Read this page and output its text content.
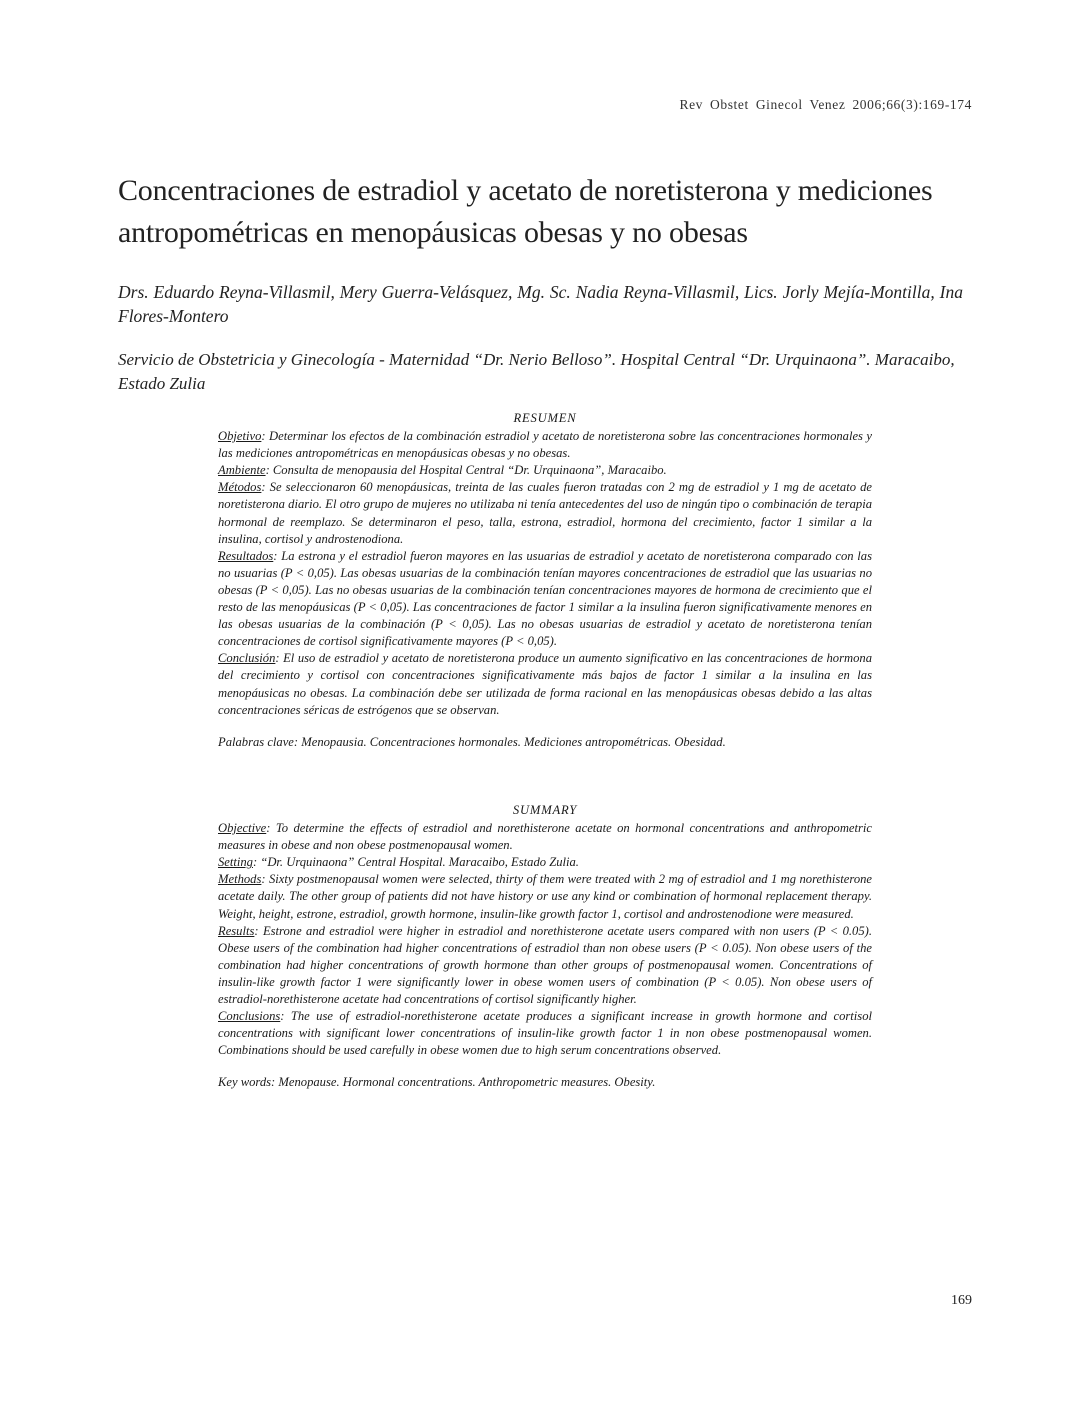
Rev Obstet Ginecol Venez 2006;66(3):169-174
Concentraciones de estradiol y acetato de noretisterona y mediciones antropométricas en menopáusicas obesas y no obesas
Drs. Eduardo Reyna-Villasmil, Mery Guerra-Velásquez, Mg. Sc. Nadia Reyna-Villasmil, Lics. Jorly Mejía-Montilla, Ina Flores-Montero
Servicio de Obstetricia y Ginecología - Maternidad “Dr. Nerio Belloso”. Hospital Central “Dr. Urquinaona”. Maracaibo, Estado Zulia
RESUMEN

Objetivo: Determinar los efectos de la combinación estradiol y acetato de noretisterona sobre las concentraciones hormonales y las mediciones antropométricas en menopáusicas obesas y no obesas.

Ambiente: Consulta de menopausia del Hospital Central “Dr. Urquinaona”, Maracaibo.

Métodos: Se seleccionaron 60 menopáusicas, treinta de las cuales fueron tratadas con 2 mg de estradiol y 1 mg de acetato de noretisterona diario. El otro grupo de mujeres no utilizaba ni tenía antecedentes del uso de ningún tipo o combinación de terapia hormonal de reemplazo. Se determinaron el peso, talla, estrona, estradiol, hormona del crecimiento, factor 1 similar a la insulina, cortisol y androstenodiona.

Resultados: La estrona y el estradiol fueron mayores en las usuarias de estradiol y acetato de noretisterona comparado con las no usuarias (P < 0,05). Las obesas usuarias de la combinación tenían mayores concentraciones de estradiol que las usuarias no obesas (P < 0,05). Las no obesas usuarias de la combinación tenían concentraciones mayores de hormona de crecimiento que el resto de las menopáusicas (P < 0,05). Las concentraciones de factor 1 similar a la insulina fueron significativamente menores en las obesas usuarias de la combinación (P < 0,05). Las no obesas usuarias de estradiol y acetato de noretisterona tenían concentraciones de cortisol significativamente mayores (P < 0,05).

Conclusión: El uso de estradiol y acetato de noretisterona produce un aumento significativo en las concentraciones de hormona del crecimiento y cortisol con concentraciones significativamente más bajos de factor 1 similar a la insulina en las menopáusicas no obesas. La combinación debe ser utilizada de forma racional en las menopáusicas obesas debido a las altas concentraciones séricas de estrógenos que se observan.

Palabras clave: Menopausia. Concentraciones hormonales. Mediciones antropométricas. Obesidad.

SUMMARY

Objective: To determine the effects of estradiol and norethisterone acetate on hormonal concentrations and anthropometric measures in obese and non obese postmenopausal women.

Setting: “Dr. Urquinaona” Central Hospital. Maracaibo, Estado Zulia.

Methods: Sixty postmenopausal women were selected, thirty of them were treated with 2 mg of estradiol and 1 mg norethisterone acetate daily. The other group of patients did not have history or use any kind or combination of hormonal replacement therapy. Weight, height, estrone, estradiol, growth hormone, insulin-like growth factor 1, cortisol and androstenodione were measured.

Results: Estrone and estradiol were higher in estradiol and norethisterone acetate users compared with non users (P < 0.05). Obese users of the combination had higher concentrations of estradiol than non obese users (P < 0.05). Non obese users of the combination had higher concentrations of growth hormone than other groups of postmenopausal women. Concentrations of insulin-like growth factor 1 were significantly lower in obese women users of combination (P < 0.05). Non obese users of estradiol-norethisterone acetate had concentrations of cortisol significantly higher.

Conclusions: The use of estradiol-norethisterone acetate produces a significant increase in growth hormone and cortisol concentrations with significant lower concentrations of insulin-like growth factor 1 in non obese postmenopausal women. Combinations should be used carefully in obese women due to high serum concentrations observed.

Key words: Menopause. Hormonal concentrations. Anthropometric measures. Obesity.

169
